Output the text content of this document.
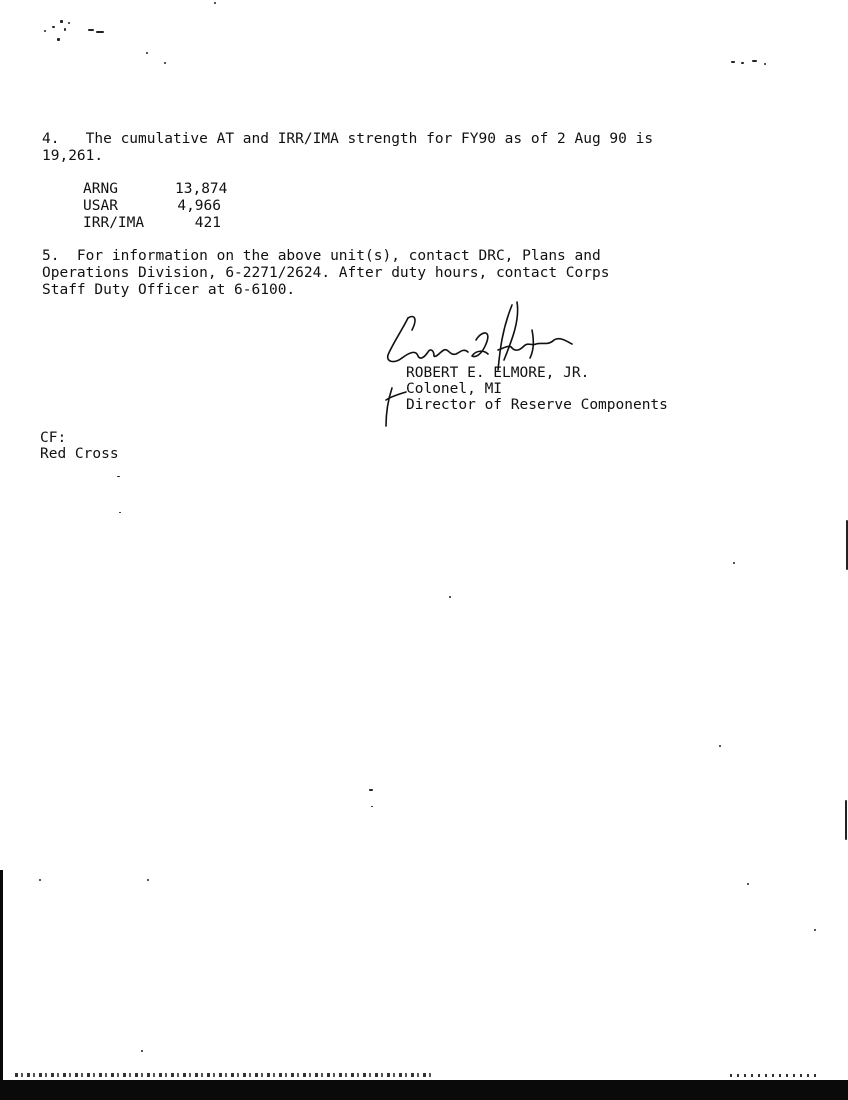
4.   The cumulative AT and IRR/IMA strength for FY90 as of 2 Aug 90 is
19,261.
ARNG	13,874
USAR	4,966
IRR/IMA	421
5.  For information on the above unit(s), contact DRC, Plans and
Operations Division, 6-2271/2624. After duty hours, contact Corps
Staff Duty Officer at 6-6100.
ROBERT E. ELMORE, JR.
Colonel, MI
Director of Reserve Components
CF:
Red Cross
